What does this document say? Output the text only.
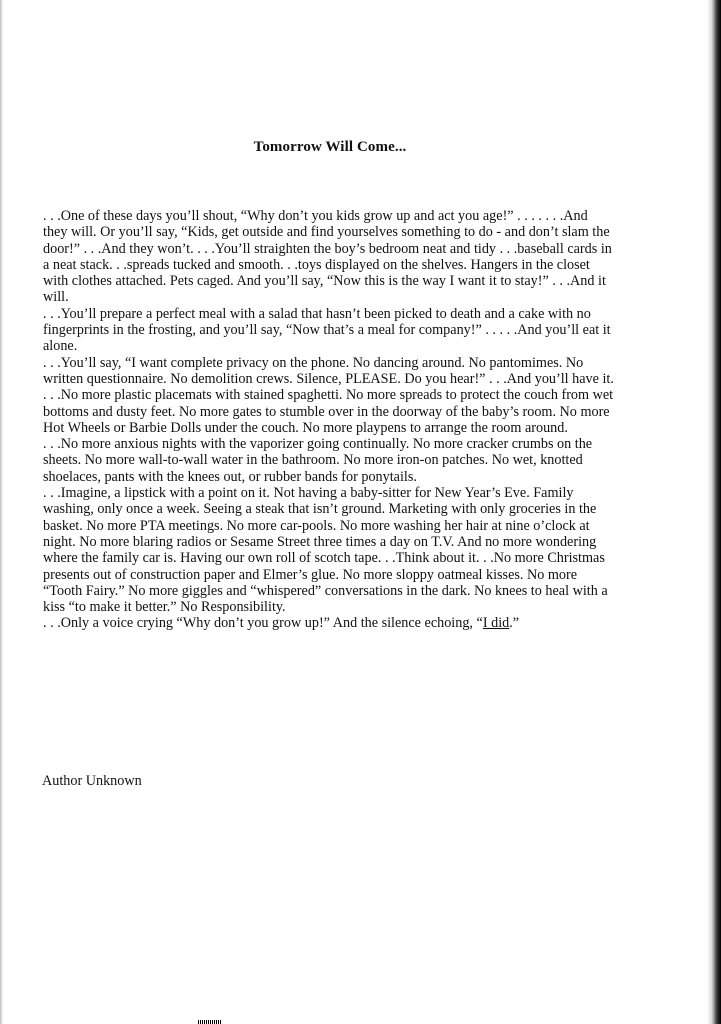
Tomorrow Will Come...

. . .One of these days you’ll shout, “Why don’t you kids grow up and act you age!” . . . . . . .And they will. Or you’ll say, “Kids, get outside and find yourselves something to do - and don’t slam the door!” . . .And they won’t. . . .You’ll straighten the boy’s bedroom neat and tidy . . .baseball cards in a neat stack. . .spreads tucked and smooth. . .toys displayed on the shelves. Hangers in the closet with clothes attached. Pets caged. And you’ll say, “Now this is the way I want it to stay!” . . .And it will.

. . .You’ll prepare a perfect meal with a salad that hasn’t been picked to death and a cake with no fingerprints in the frosting, and you’ll say, “Now that’s a meal for company!” . . . . .And you’ll eat it alone.

. . .You’ll say, “I want complete privacy on the phone. No dancing around. No pantomimes. No written questionnaire. No demolition crews. Silence, PLEASE. Do you hear!” . . .And you’ll have it. . . .No more plastic placemats with stained spaghetti. No more spreads to protect the couch from wet bottoms and dusty feet. No more gates to stumble over in the doorway of the baby’s room. No more Hot Wheels or Barbie Dolls under the couch. No more playpens to arrange the room around.

. . .No more anxious nights with the vaporizer going continually. No more cracker crumbs on the sheets. No more wall-to-wall water in the bathroom. No more iron-on patches. No wet, knotted shoelaces, pants with the knees out, or rubber bands for ponytails.

. . .Imagine, a lipstick with a point on it. Not having a baby-sitter for New Year’s Eve. Family washing, only once a week. Seeing a steak that isn’t ground. Marketing with only groceries in the basket. No more PTA meetings. No more car-pools. No more washing her hair at nine o’clock at night. No more blaring radios or Sesame Street three times a day on T.V. And no more wondering where the family car is. Having our own roll of scotch tape. . .Think about it. . .No more Christmas presents out of construction paper and Elmer’s glue. No more sloppy oatmeal kisses. No more “Tooth Fairy.” No more giggles and “whispered” conversations in the dark. No knees to heal with a kiss “to make it better.” No Responsibility.

. . .Only a voice crying “Why don’t you grow up!” And the silence echoing, “I did.”

Author Unknown
